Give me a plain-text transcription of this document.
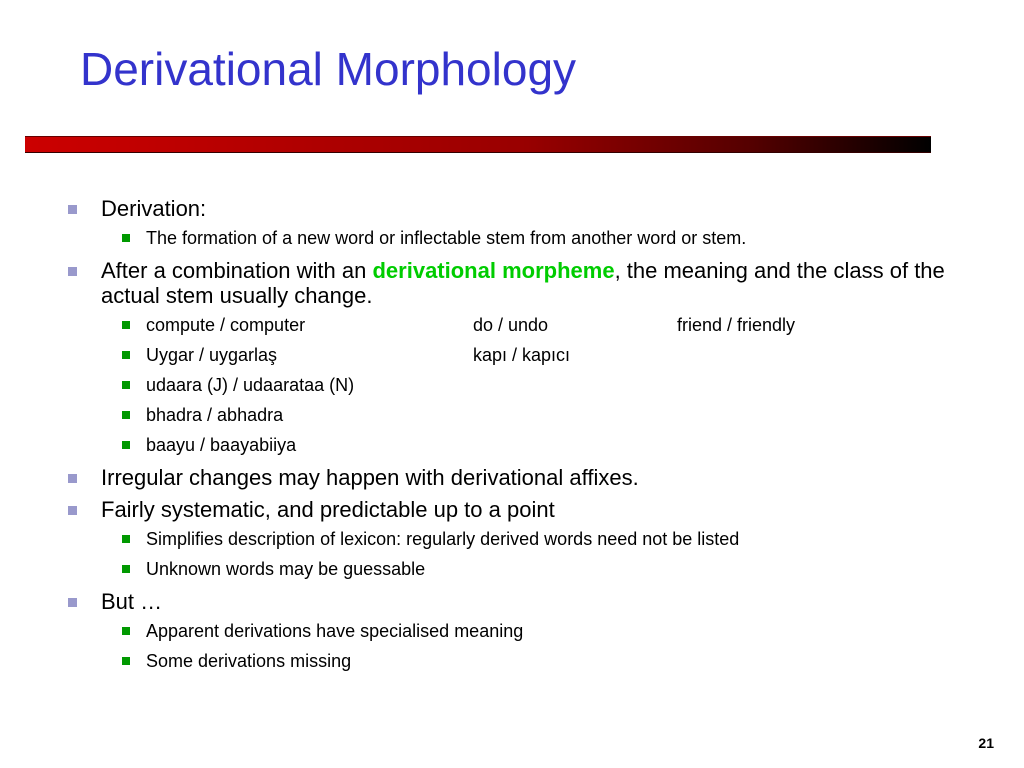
Derivational Morphology
Derivation:
The formation of a new word or inflectable stem from another word or stem.
After a combination with an derivational morpheme, the meaning and the class of the actual stem usually change.
compute / computer	do / undo	friend / friendly
Uygar / uygarlaş	kapı / kapıcı
udaara (J) / udaarataa (N)
bhadra / abhadra
baayu / baayabiiya
Irregular changes may happen with derivational affixes.
Fairly systematic, and predictable up to a point
Simplifies description of lexicon: regularly derived words need not be listed
Unknown words may be guessable
But …
Apparent derivations have specialised meaning
Some derivations missing
21
